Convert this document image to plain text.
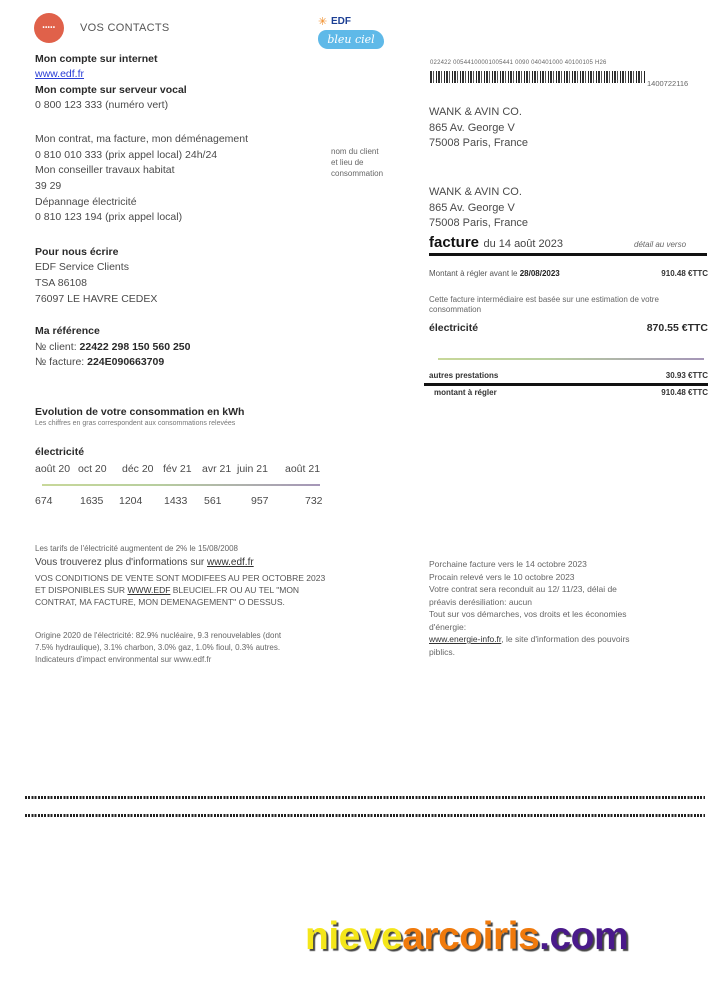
••••• VOS CONTACTS	✳ EDF
bleu ciel
Mon compte sur internet
www.edf.fr
Mon compte sur serveur vocal
0 800 123 333 (numéro vert)
Mon contrat, ma facture, mon déménagement
0 810 010 333 (prix appel local) 24h/24
Mon conseiller travaux habitat
39 29
Dépannage électricité
0 810 123 194 (prix appel local)
nom du client
et lieu de
consommation
Pour nous écrire
EDF Service Clients
TSA 86108
76097 LE HAVRE CEDEX
Ma référence
№ client: 22422 298 150 560 250
№ facture: 224E090663709
022422 00544100001005441 0090 040401000 40100105 H26
1400722116
WANK & AVIN CO.
865 Av. George V
75008 Paris, France
WANK & AVIN CO.
865 Av. George V
75008 Paris, France
facture du 14 août 2023	détail au verso
Montant à régler avant le 28/08/2023	910.48 €TTC
Cette facture intermédiaire est basée sur une estimation de votre consommation
électricité	870.55 €TTC
autres prestations	30.93 €TTC
montant à régler	910.48 €TTC
Evolution de votre consommation en kWh
Les chiffres en gras correspondent aux consommations relevées
électricité
août 20 oct 20 déc 20 fév 21 avr 21 juin 21 août 21
674	1635 1204 1433 561	957	732
Les tarifs de l'électricité augmentent de 2% le 15/08/2008
Vous trouverez plus d'informations sur www.edf.fr
VOS CONDITIONS DE VENTE SONT MODIFEES AU PER OCTOBRE 2023
ET DISPONIBLES SUR WWW.EDF BLEUCIEL.FR OU AU TEL "MON
CONTRAT, MA FACTURE, MON DEMENAGEMENT" O DESSUS.
Origine 2020 de l'électricité: 82.9% nucléaire, 9.3 renouvelables (dont
7.5% hydraulique), 3.1% charbon, 3.0% gaz, 1.0% fioul, 0.3% autres.
Indicateurs d'impact environmental sur www.edf.fr
Porchaine facture vers le 14 octobre 2023
Procain relevé vers le 10 octobre 2023
Votre contrat sera reconduit au 12/ 11/23, délai de
préavis derésiliation: aucun
Tout sur vos démarches, vos droits et les économies
d'énergie:
www.energie-info.fr, le site d'information des pouvoirs
piblics.
nievearcoiris.com
